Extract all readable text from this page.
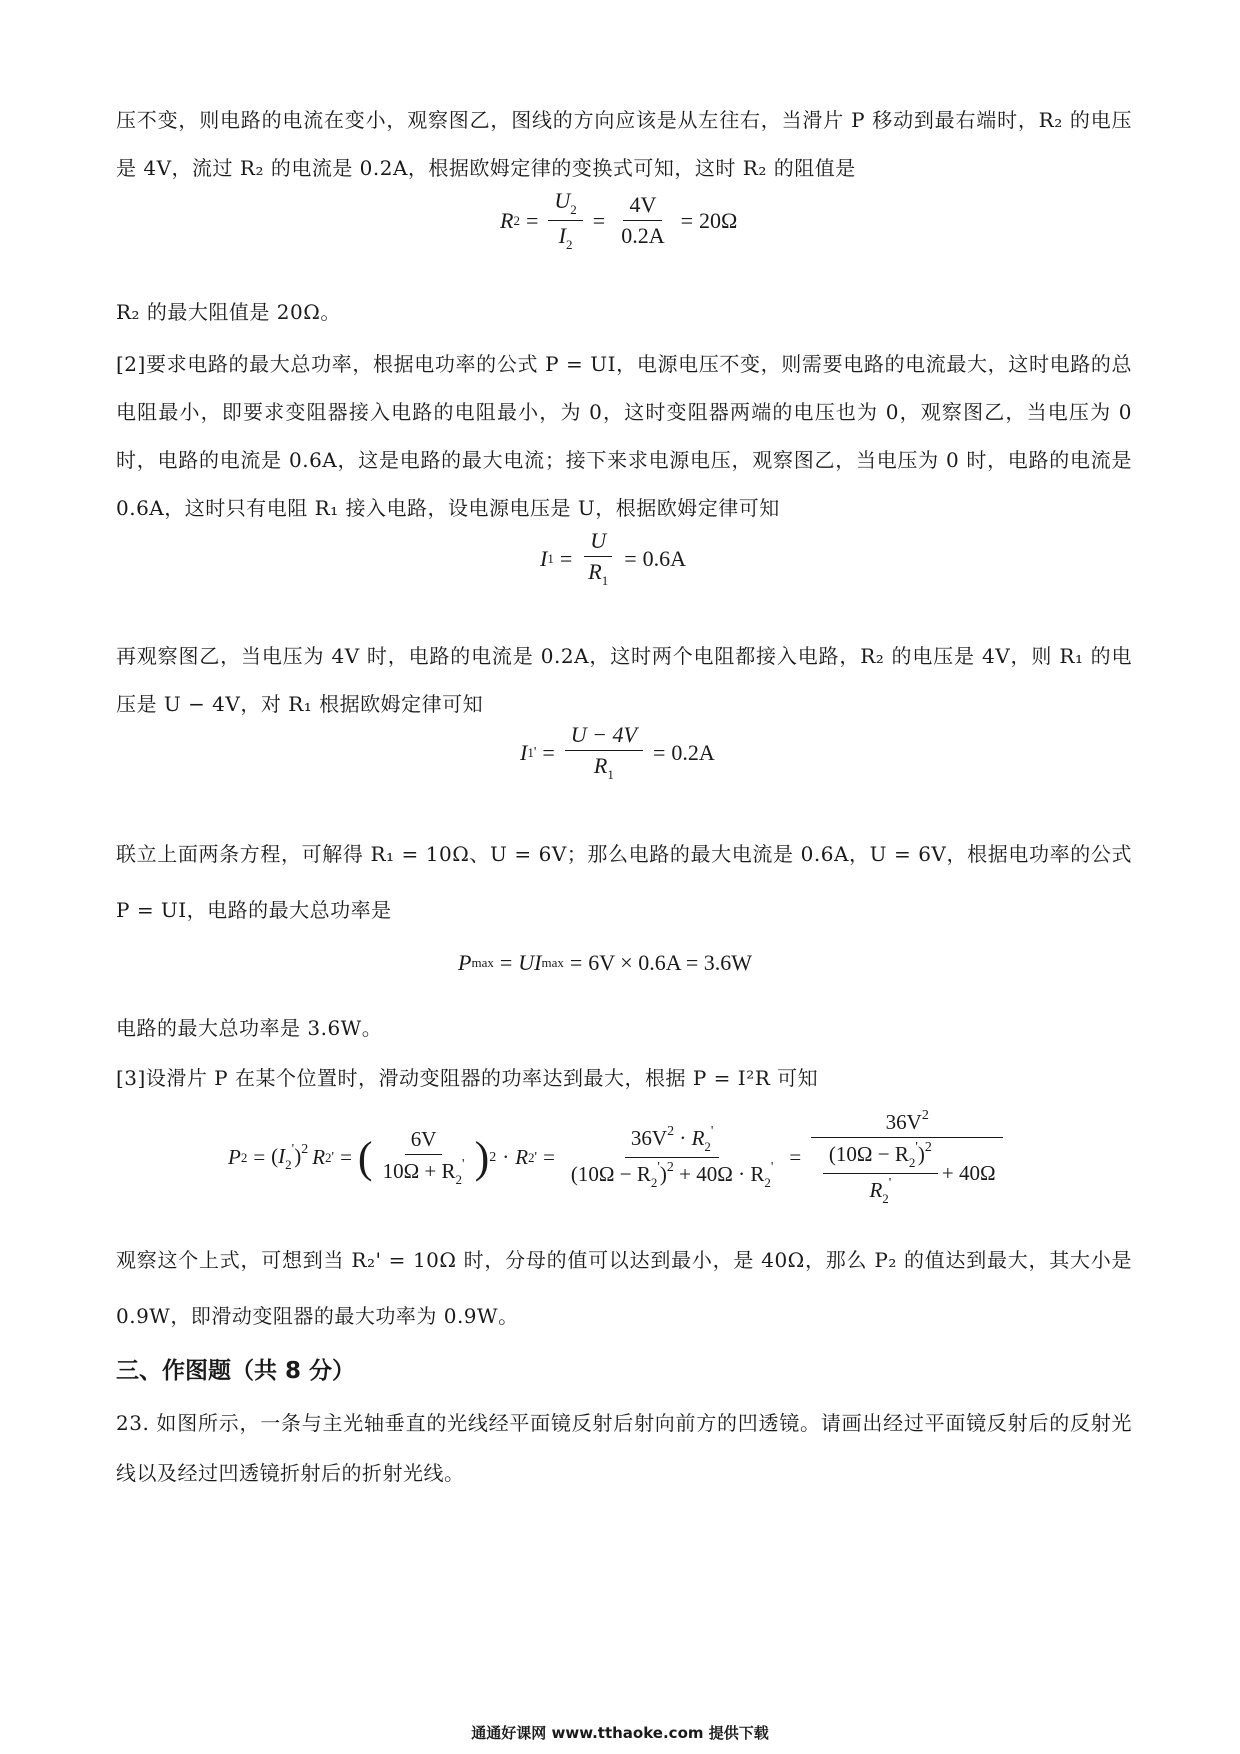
压不变，则电路的电流在变小，观察图乙，图线的方向应该是从左往右，当滑片 P 移动到最右端时，R₂ 的电压是 4V，流过 R₂ 的电流是 0.2A，根据欧姆定律的变换式可知，这时 R₂ 的阻值是

R $2 = \frac{U_2}{I_2} = \frac{4V}{0.2A} = 20\Omega$

R₂ 的最大阻值是 20Ω。

[2]要求电路的最大总功率，根据电功率的公式 P = UI，电源电压不变，则需要电路的电流最大，这时电路的总电阻最小，即要求变阻器接入电路的电阻最小，为 0，这时变阻器两端的电压也为 0，观察图乙，当电压为 0 时，电路的电流是 0.6A，这是电路的最大电流；接下来求电源电压，观察图乙，当电压为 0 时，电路的电流是 0.6A，这时只有电阻 R₁ 接入电路，设电源电压是 U，根据欧姆定律可知

I $1 = \frac{U}{R_1} = 0.6A$

再观察图乙，当电压为 4V 时，电路的电流是 0.2A，这时两个电阻都接入电路，R₂ 的电压是 4V，则 R₁ 的电压是 U − 4V，对 R₁ 根据欧姆定律可知

I 1 ' = $\frac{U - 4V}{R_1} = 0.2A$

联立上面两条方程，可解得 R₁ = 10Ω、U = 6V；那么电路的最大电流是 0.6A，U = 6V，根据电功率的公式 P = UI，电路的最大总功率是

P max = UI max = 6V × 0.6A = 3.6W

电路的最大总功率是 3.6W。

[3]设滑片 P 在某个位置时，滑动变阻器的功率达到最大，根据 P = I²R 可知

P $2 = (I_2')^2$ R 2 ' = ( $\frac{6V}{10\Omega + R_2'}$ ) 2 · R 2 ' = $\frac{36V^2 \cdot R_2'}{(10\Omega - R_2')^2 + 40\Omega \cdot R_2'} = \frac{36V^2}{\frac{(10\Omega - R_2')^2}{R_2'} + 40\Omega}$

观察这个上式，可想到当 R₂' = 10Ω 时，分母的值可以达到最小，是 40Ω，那么 P₂ 的值达到最大，其大小是 0.9W，即滑动变阻器的最大功率为 0.9W。

三、作图题（共 8 分）

23. 如图所示，一条与主光轴垂直的光线经平面镜反射后射向前方的凹透镜。请画出经过平面镜反射后的反射光线以及经过凹透镜折射后的折射光线。

通通好课网 www.tthaoke.com 提供下载
